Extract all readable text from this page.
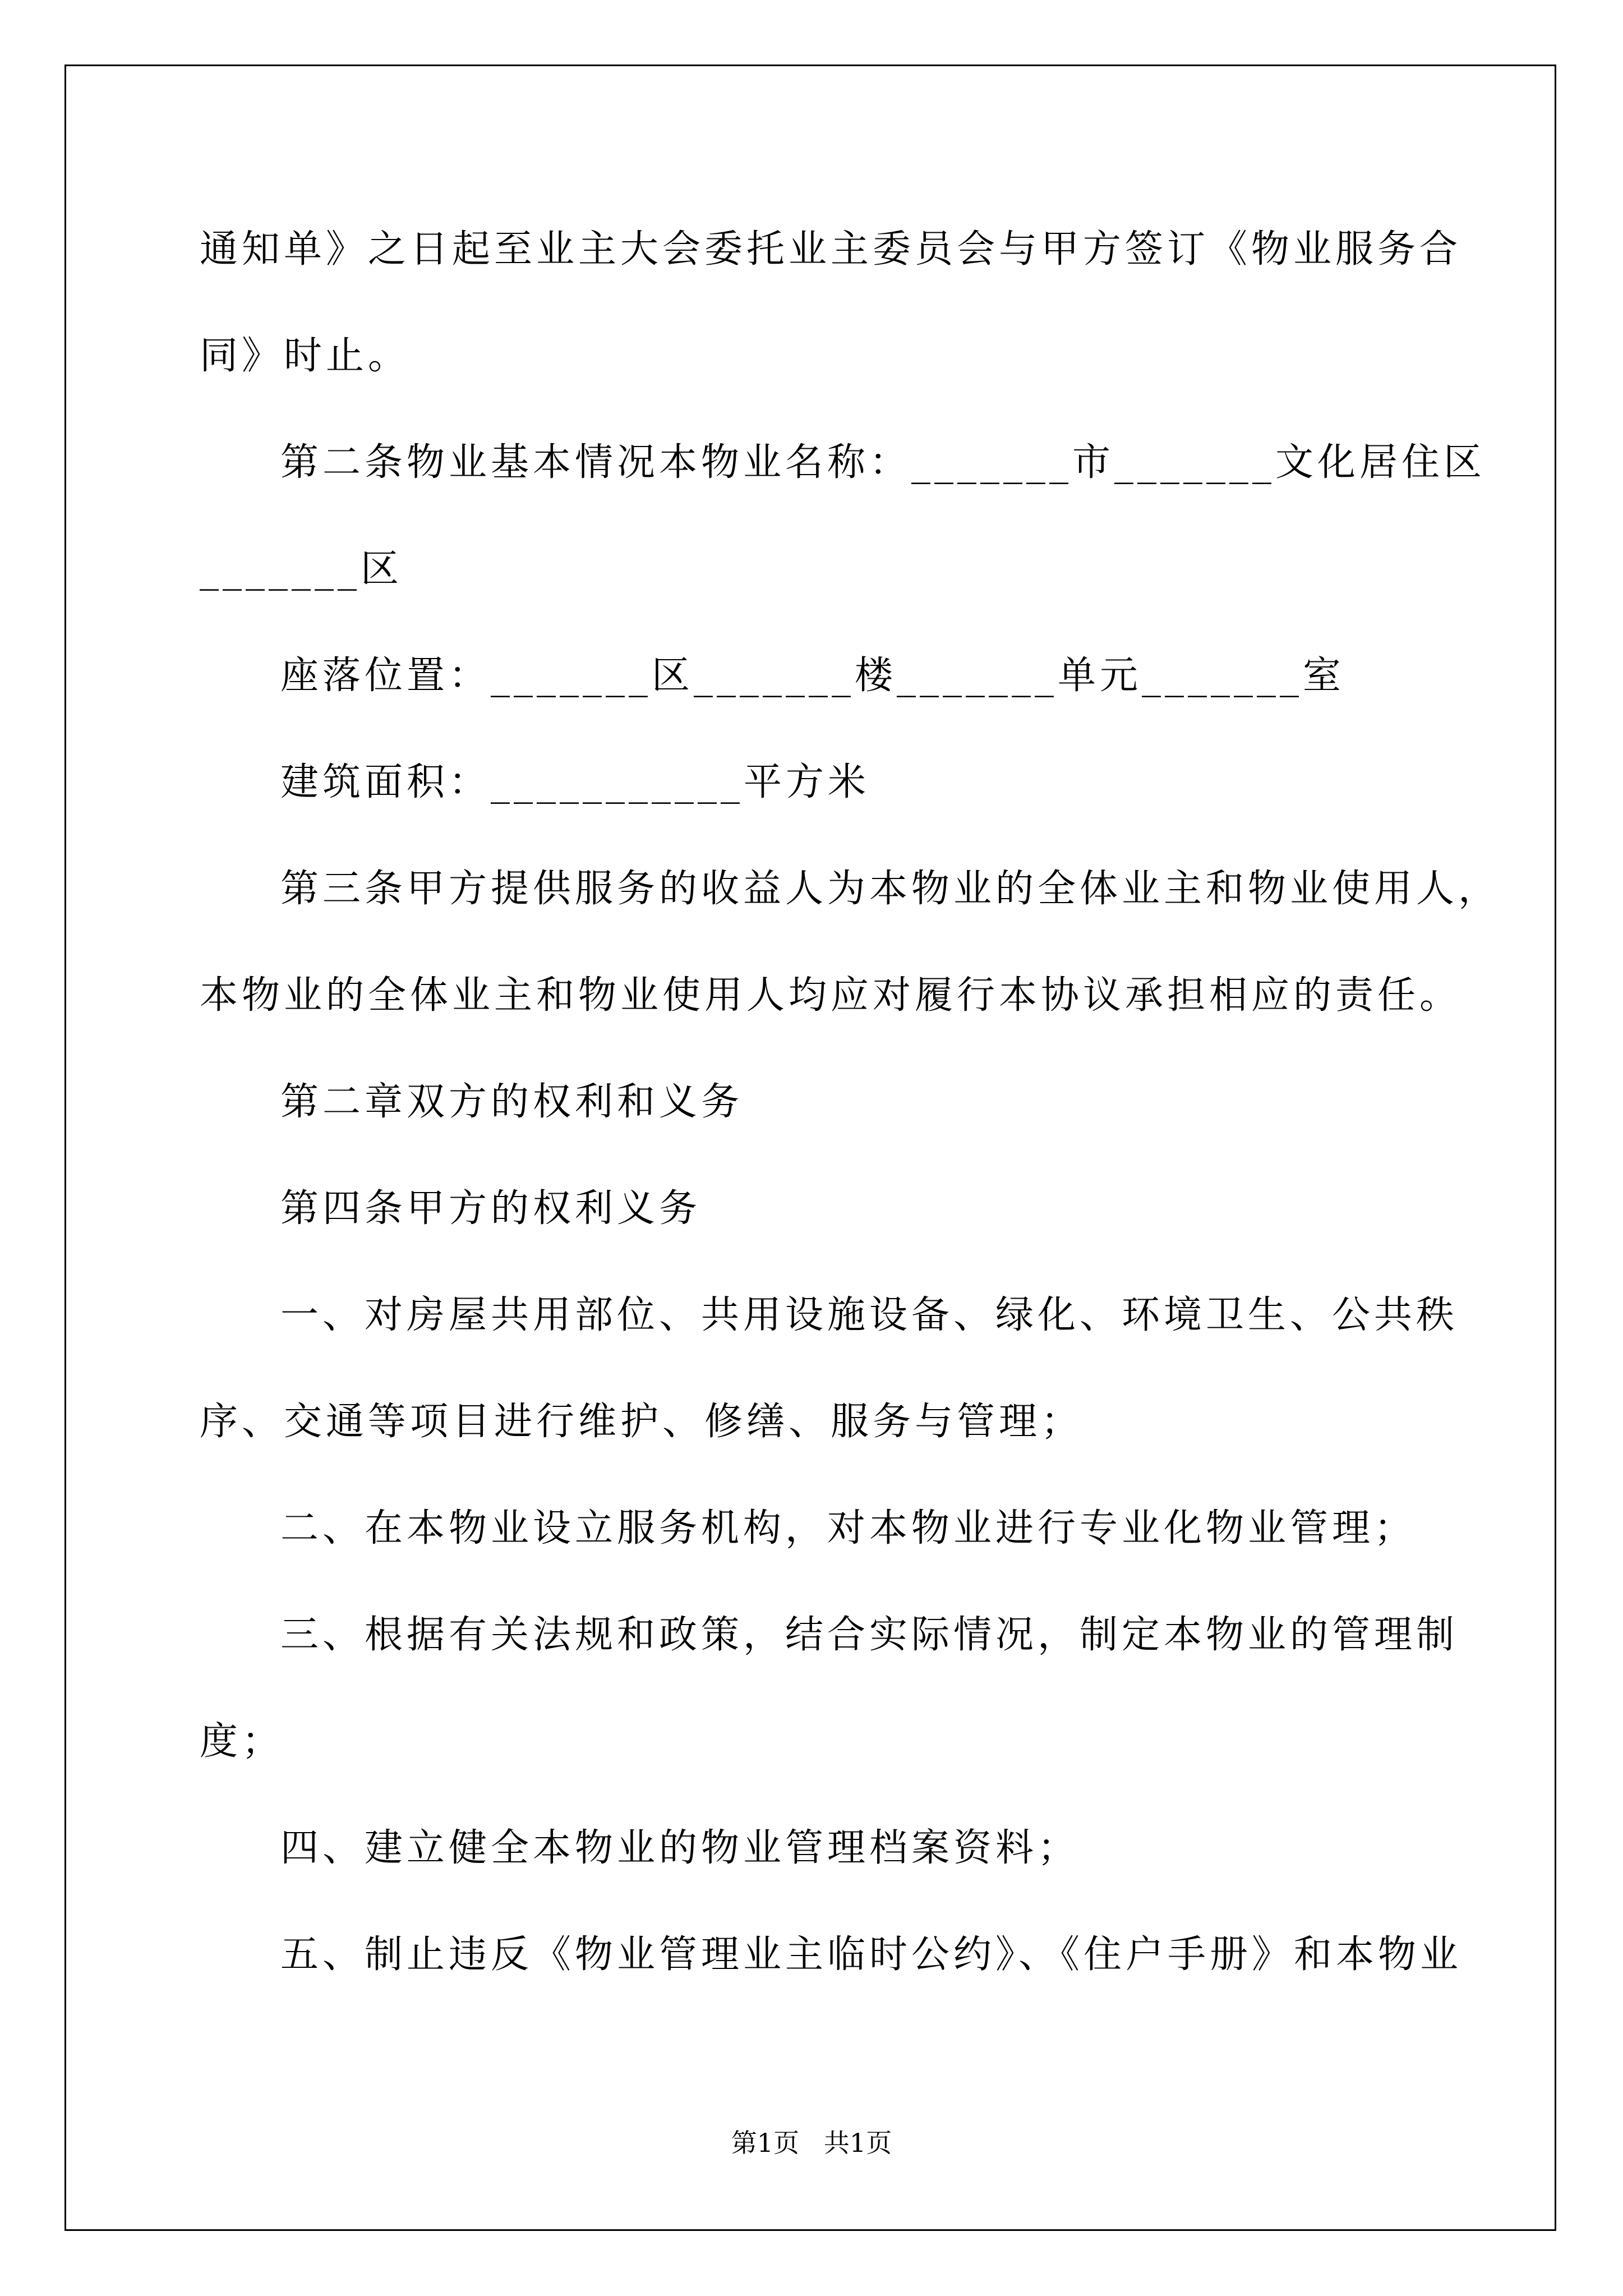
通知单》之日起至业主大会委托业主委员会与甲方签订《物业服务合
同》时止。
第二条物业基本情况本物业名称：_______市_______文化居住区
_______区
座落位置：_______区_______楼_______单元_______室
建筑面积：___________平方米
第三条甲方提供服务的收益人为本物业的全体业主和物业使用人，
本物业的全体业主和物业使用人均应对履行本协议承担相应的责任。
第二章双方的权利和义务
第四条甲方的权利义务
一、对房屋共用部位、共用设施设备、绿化、环境卫生、公共秩
序、交通等项目进行维护、修缮、服务与管理；
二、在本物业设立服务机构，对本物业进行专业化物业管理；
三、根据有关法规和政策，结合实际情况，制定本物业的管理制
度；
四、建立健全本物业的物业管理档案资料；
五、制止违反《物业管理业主临时公约》、《住户手册》和本物业
第1页   共1页
